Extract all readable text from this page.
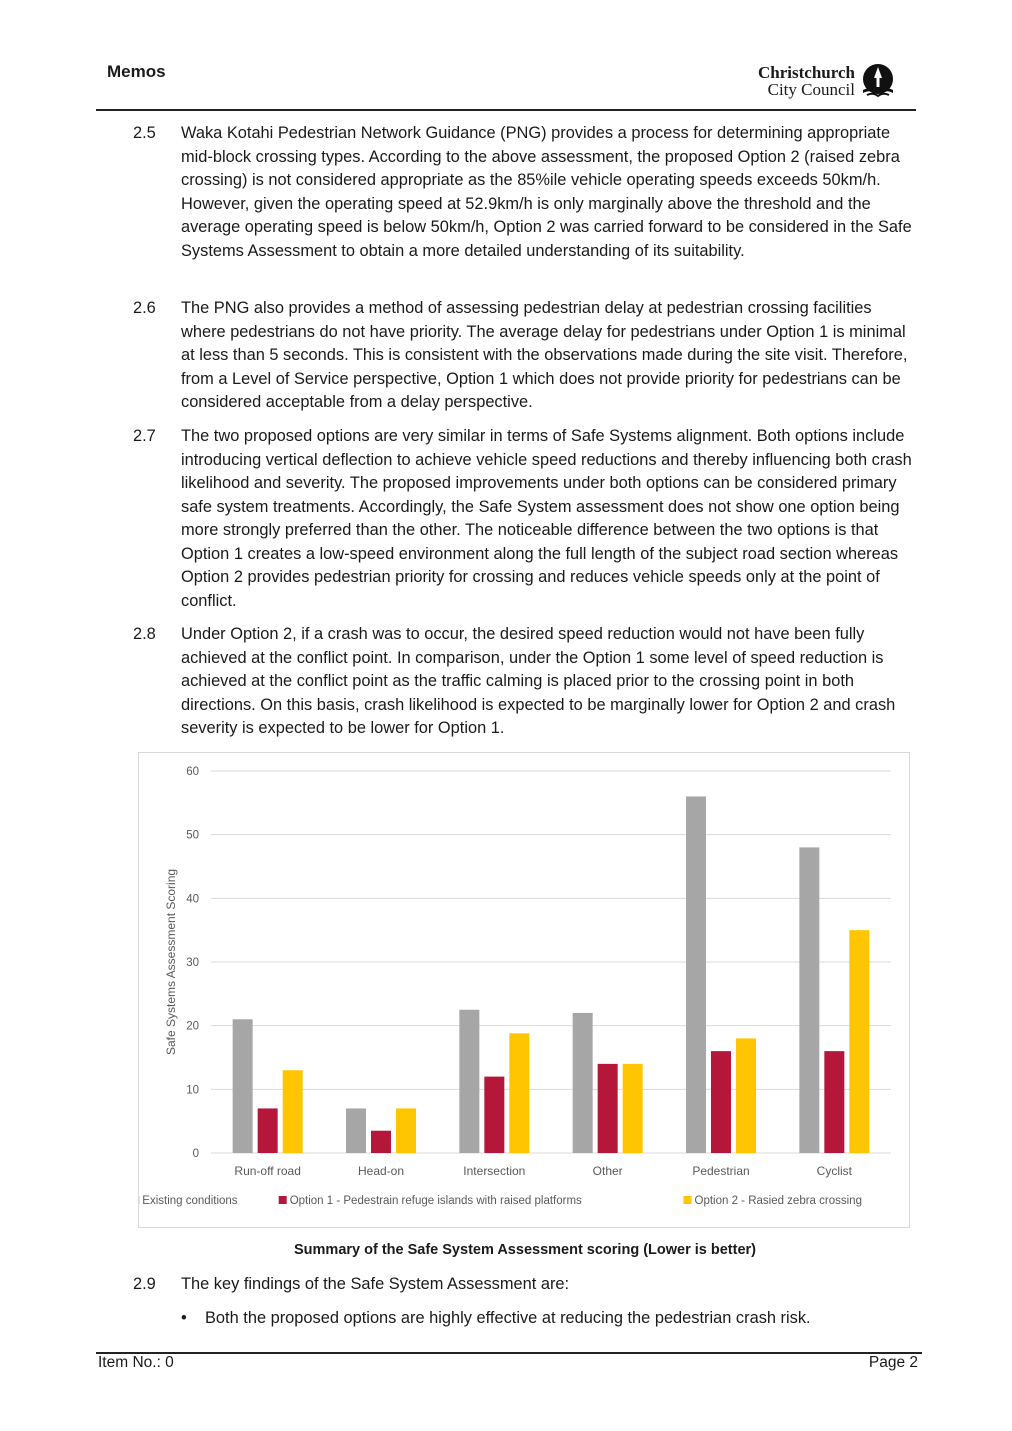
Memos	Christchurch
City Council
2.5 Waka Kotahi Pedestrian Network Guidance (PNG) provides a process for determining appropriate mid-block crossing types. According to the above assessment, the proposed Option 2 (raised zebra crossing) is not considered appropriate as the 85%ile vehicle operating speeds exceeds 50km/h. However, given the operating speed at 52.9km/h is only marginally above the threshold and the average operating speed is below 50km/h, Option 2 was carried forward to be considered in the Safe Systems Assessment to obtain a more detailed understanding of its suitability.
2.6 The PNG also provides a method of assessing pedestrian delay at pedestrian crossing facilities where pedestrians do not have priority. The average delay for pedestrians under Option 1 is minimal at less than 5 seconds. This is consistent with the observations made during the site visit. Therefore, from a Level of Service perspective, Option 1 which does not provide priority for pedestrians can be considered acceptable from a delay perspective.
2.7 The two proposed options are very similar in terms of Safe Systems alignment. Both options include introducing vertical deflection to achieve vehicle speed reductions and thereby influencing both crash likelihood and severity. The proposed improvements under both options can be considered primary safe system treatments. Accordingly, the Safe System assessment does not show one option being more strongly preferred than the other. The noticeable difference between the two options is that Option 1 creates a low-speed environment along the full length of the subject road section whereas Option 2 provides pedestrian priority for crossing and reduces vehicle speeds only at the point of conflict.
2.8 Under Option 2, if a crash was to occur, the desired speed reduction would not have been fully achieved at the conflict point. In comparison, under the Option 1 some level of speed reduction is achieved at the conflict point as the traffic calming is placed prior to the crossing point in both directions. On this basis, crash likelihood is expected to be marginally lower for Option 2 and crash severity is expected to be lower for Option 1.
0
10
20
30
40
50
60
Safe Systems Assessment Scoring
Run-off road	Head-on	Intersection	Other	Pedestrian	Cyclist
Existing conditions	Option 1 - Pedestrain refuge islands with raised platforms	Option 2 - Rasied zebra crossing
Summary of the Safe System Assessment scoring (Lower is better)
2.9 The key findings of the Safe System Assessment are:
• Both the proposed options are highly effective at reducing the pedestrian crash risk.
Item No.: 0	Page 2
